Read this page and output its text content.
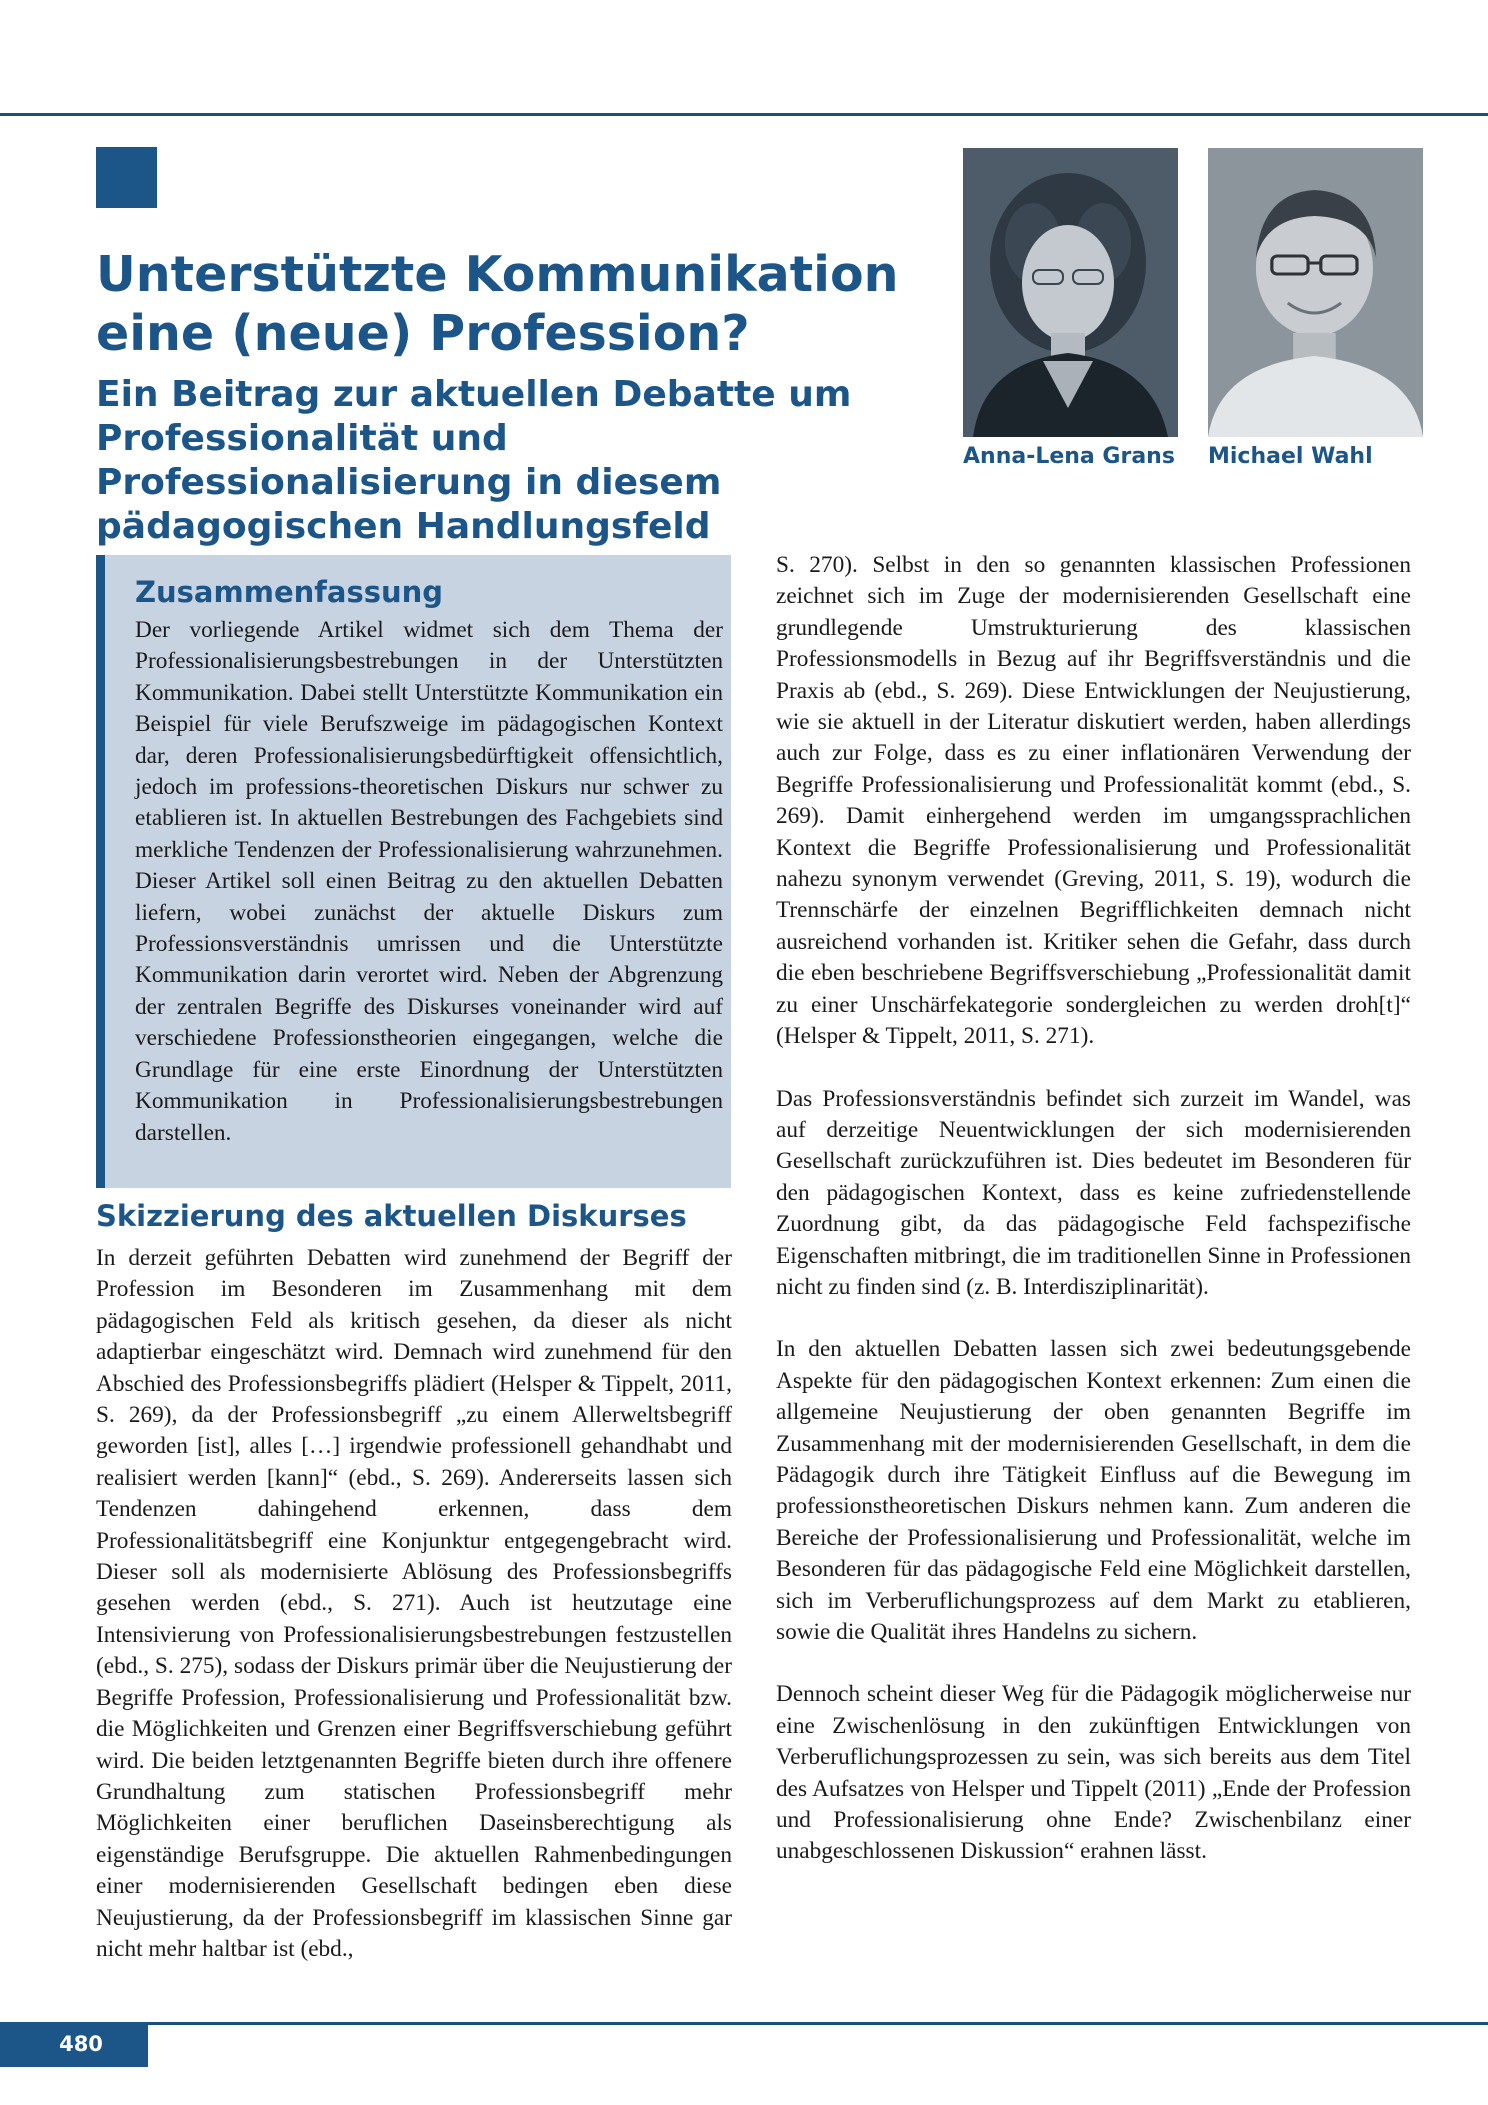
Unterstützte Kommunikation eine (neue) Profession?
Ein Beitrag zur aktuellen Debatte um Professionalität und Professionalisierung in diesem pädagogischen Handlungsfeld
Anna-Lena Grans Michael Wahl
Zusammenfassung

Der vorliegende Artikel widmet sich dem Thema der Professionalisierungsbestrebungen in der Unterstützten Kommunikation. Dabei stellt Unterstützte Kommunikation ein Beispiel für viele Berufszweige im pädagogischen Kontext dar, deren Professionalisierungsbedürftigkeit offensichtlich, jedoch im professions-theoretischen Diskurs nur schwer zu etablieren ist. In aktuellen Bestrebungen des Fachgebiets sind merkliche Tendenzen der Professionalisierung wahrzunehmen. Dieser Artikel soll einen Beitrag zu den aktuellen Debatten liefern, wobei zunächst der aktuelle Diskurs zum Professionsverständnis umrissen und die Unterstützte Kommunikation darin verortet wird. Neben der Abgrenzung der zentralen Begriffe des Diskurses voneinander wird auf verschiedene Professionstheorien eingegangen, welche die Grundlage für eine erste Einordnung der Unterstützten Kommunikation in Professionalisierungsbestrebungen darstellen.

Skizzierung des aktuellen Diskurses

In derzeit geführten Debatten wird zunehmend der Begriff der Profession im Besonderen im Zusammenhang mit dem pädagogischen Feld als kritisch gesehen, da dieser als nicht adaptierbar eingeschätzt wird. Demnach wird zunehmend für den Abschied des Professionsbegriffs plädiert (Helsper & Tippelt, 2011, S. 269), da der Professionsbegriff „zu einem Allerweltsbegriff geworden [ist], alles […] irgendwie professionell gehandhabt und realisiert werden [kann]“ (ebd., S. 269). Andererseits lassen sich Tendenzen dahingehend erkennen, dass dem Professionalitätsbegriff eine Konjunktur entgegengebracht wird. Dieser soll als modernisierte Ablösung des Professionsbegriffs gesehen werden (ebd., S. 271). Auch ist heutzutage eine Intensivierung von Professionalisierungsbestrebungen festzustellen (ebd., S. 275), sodass der Diskurs primär über die Neujustierung der Begriffe Profession, Professionalisierung und Professionalität bzw. die Möglichkeiten und Grenzen einer Begriffsverschiebung geführt wird. Die beiden letztgenannten Begriffe bieten durch ihre offenere Grundhaltung zum statischen Professionsbegriff mehr Möglichkeiten einer beruflichen Daseinsberechtigung als eigenständige Berufsgruppe. Die aktuellen Rahmenbedingungen einer modernisierenden Gesellschaft bedingen eben diese Neujustierung, da der Professionsbegriff im klassischen Sinne gar nicht mehr haltbar ist (ebd.,

S. 270). Selbst in den so genannten klassischen Professionen zeichnet sich im Zuge der modernisierenden Gesellschaft eine grundlegende Umstrukturierung des klassischen Professionsmodells in Bezug auf ihr Begriffsverständnis und die Praxis ab (ebd., S. 269). Diese Entwicklungen der Neujustierung, wie sie aktuell in der Literatur diskutiert werden, haben allerdings auch zur Folge, dass es zu einer inflationären Verwendung der Begriffe Professionalisierung und Professionalität kommt (ebd., S. 269). Damit einhergehend werden im umgangssprachlichen Kontext die Begriffe Professionalisierung und Professionalität nahezu synonym verwendet (Greving, 2011, S. 19), wodurch die Trennschärfe der einzelnen Begrifflichkeiten demnach nicht ausreichend vorhanden ist. Kritiker sehen die Gefahr, dass durch die eben beschriebene Begriffsverschiebung „Professionalität damit zu einer Unschärfekategorie sondergleichen zu werden droh[t]“ (Helsper & Tippelt, 2011, S. 271).

Das Professionsverständnis befindet sich zurzeit im Wandel, was auf derzeitige Neuentwicklungen der sich modernisierenden Gesellschaft zurückzuführen ist. Dies bedeutet im Besonderen für den pädagogischen Kontext, dass es keine zufriedenstellende Zuordnung gibt, da das pädagogische Feld fachspezifische Eigenschaften mitbringt, die im traditionellen Sinne in Professionen nicht zu finden sind (z. B. Interdisziplinarität).

In den aktuellen Debatten lassen sich zwei bedeutungsgebende Aspekte für den pädagogischen Kontext erkennen: Zum einen die allgemeine Neujustierung der oben genannten Begriffe im Zusammenhang mit der modernisierenden Gesellschaft, in dem die Pädagogik durch ihre Tätigkeit Einfluss auf die Bewegung im professionstheoretischen Diskurs nehmen kann. Zum anderen die Bereiche der Professionalisierung und Professionalität, welche im Besonderen für das pädagogische Feld eine Möglichkeit darstellen, sich im Verberuflichungsprozess auf dem Markt zu etablieren, sowie die Qualität ihres Handelns zu sichern.

Dennoch scheint dieser Weg für die Pädagogik möglicherweise nur eine Zwischenlösung in den zukünftigen Entwicklungen von Verberuflichungsprozessen zu sein, was sich bereits aus dem Titel des Aufsatzes von Helsper und Tippelt (2011) „Ende der Profession und Professionalisierung ohne Ende? Zwischenbilanz einer unabgeschlossenen Diskussion“ erahnen lässt.

480
